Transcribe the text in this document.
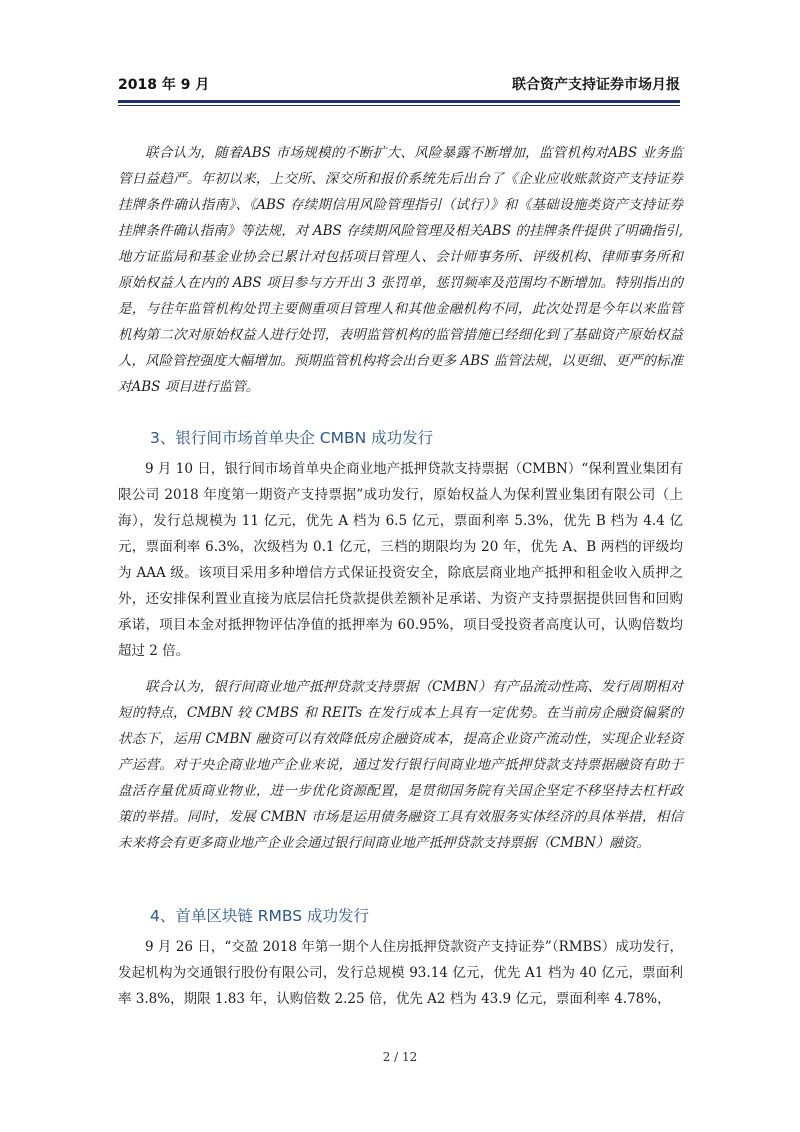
2018 年 9 月	联合资产支持证券市场月报

联合认为，随着ABS 市场规模的不断扩大、风险暴露不断增加，监管机构对ABS 业务监管日益趋严。年初以来，上交所、深交所和报价系统先后出台了《企业应收账款资产支持证券挂牌条件确认指南》、《ABS 存续期信用风险管理指引（试行）》和《基础设施类资产支持证券挂牌条件确认指南》等法规，对 ABS 存续期风险管理及相关ABS 的挂牌条件提供了明确指引,地方证监局和基金业协会已累计对包括项目管理人、会计师事务所、评级机构、律师事务所和原始权益人在内的 ABS 项目参与方开出 3 张罚单，惩罚频率及范围均不断增加。特别指出的是，与往年监管机构处罚主要侧重项目管理人和其他金融机构不同，此次处罚是今年以来监管机构第二次对原始权益人进行处罚，表明监管机构的监管措施已经细化到了基础资产原始权益人，风险管控强度大幅增加。预期监管机构将会出台更多 ABS 监管法规，以更细、更严的标准对ABS 项目进行监管。

3、银行间市场首单央企 CMBN 成功发行

9 月 10 日，银行间市场首单央企商业地产抵押贷款支持票据（CMBN）“保利置业集团有限公司 2018 年度第一期资产支持票据”成功发行，原始权益人为保利置业集团有限公司（上海），发行总规模为 11 亿元，优先 A 档为 6.5 亿元，票面利率 5.3%，优先 B 档为 4.4 亿元，票面利率 6.3%，次级档为 0.1 亿元，三档的期限均为 20 年，优先 A、B 两档的评级均为 AAA 级。该项目采用多种增信方式保证投资安全，除底层商业地产抵押和租金收入质押之外，还安排保利置业直接为底层信托贷款提供差额补足承诺、为资产支持票据提供回售和回购承诺，项目本金对抵押物评估净值的抵押率为 60.95%，项目受投资者高度认可，认购倍数均超过 2 倍。

联合认为，银行间商业地产抵押贷款支持票据（CMBN）有产品流动性高、发行周期相对短的特点，CMBN 较 CMBS 和 REITs 在发行成本上具有一定优势。在当前房企融资偏紧的状态下，运用 CMBN 融资可以有效降低房企融资成本，提高企业资产流动性，实现企业轻资产运营。对于央企商业地产企业来说，通过发行银行间商业地产抵押贷款支持票据融资有助于盘活存量优质商业物业，进一步优化资源配置，是贯彻国务院有关国企坚定不移坚持去杠杆政策的举措。同时，发展 CMBN 市场是运用债务融资工具有效服务实体经济的具体举措，相信未来将会有更多商业地产企业会通过银行间商业地产抵押贷款支持票据（CMBN）融资。

4、首单区块链 RMBS 成功发行

9 月 26 日，“交盈 2018 年第一期个人住房抵押贷款资产支持证券”（RMBS）成功发行，发起机构为交通银行股份有限公司，发行总规模 93.14 亿元，优先 A1 档为 40 亿元，票面利率 3.8%，期限 1.83 年，认购倍数 2.25 倍，优先 A2 档为 43.9 亿元，票面利率 4.78%，

2 / 12
